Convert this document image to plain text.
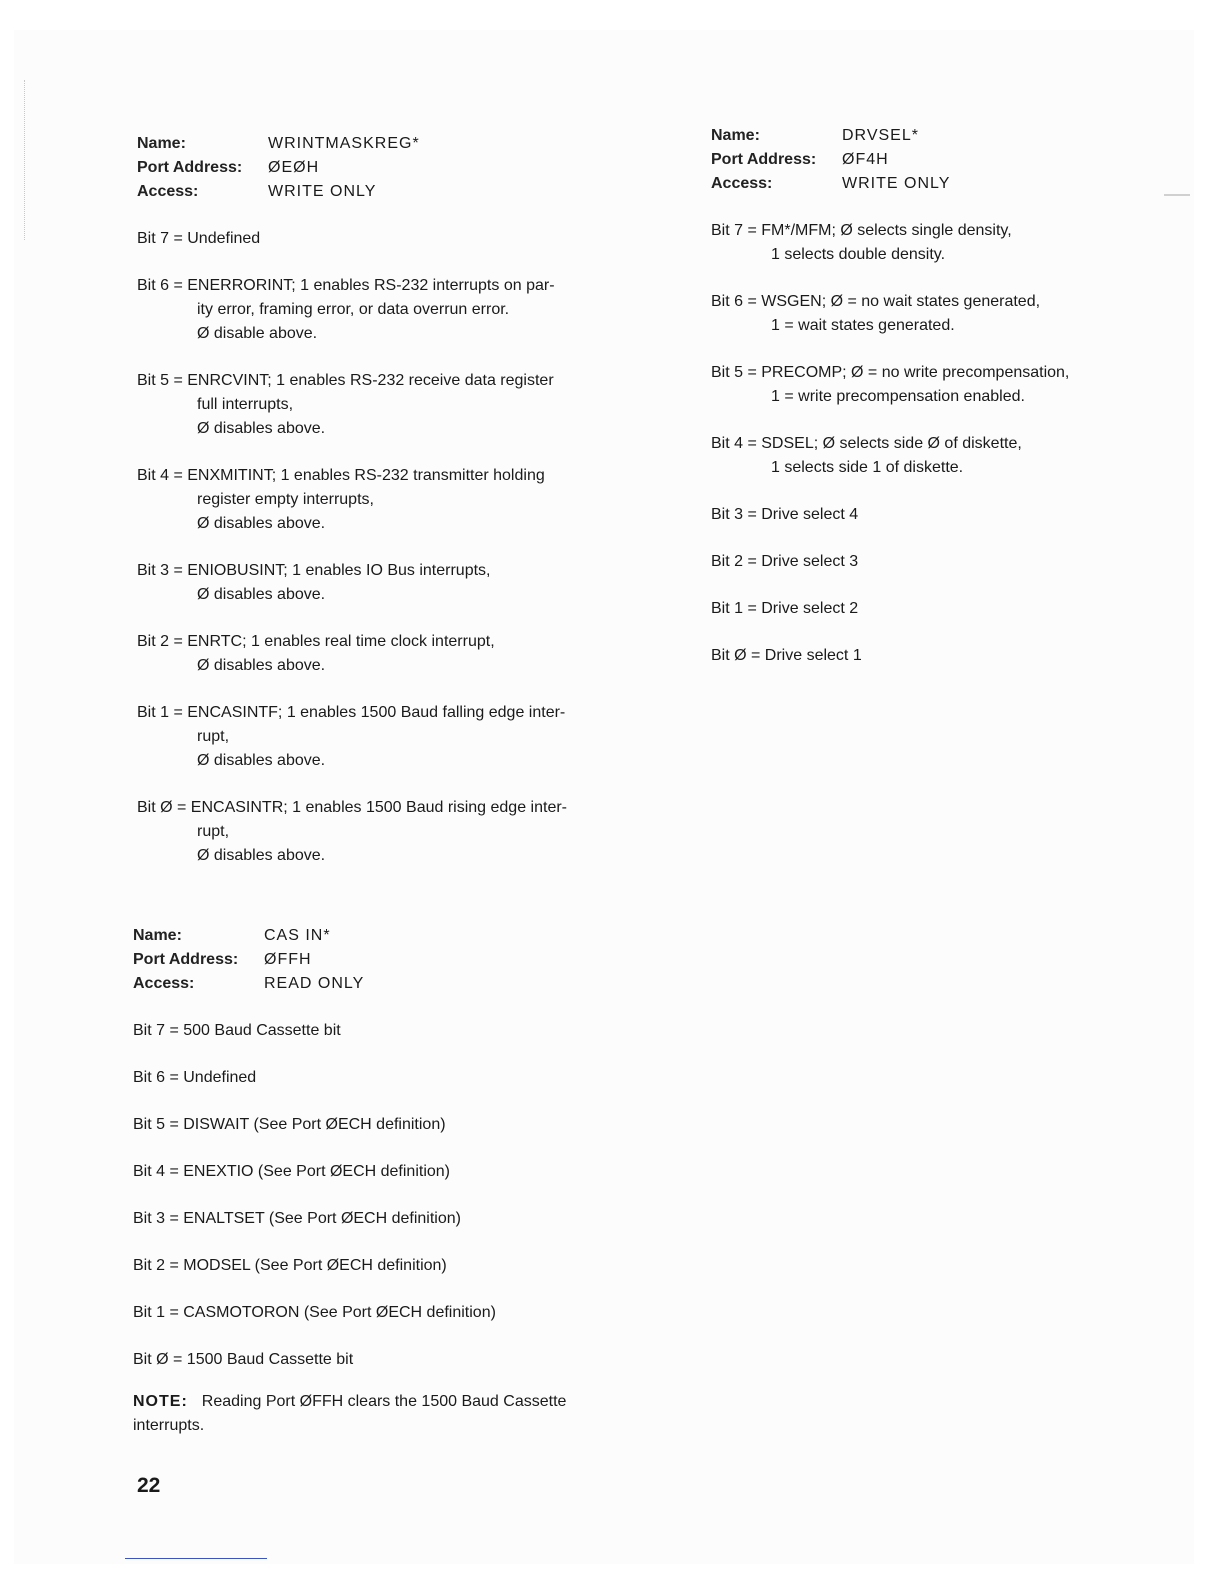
Name:	WRINTMASKREG*
Port Address:	ØEØH
Access:	WRITE ONLY
Bit 7 = Undefined
Bit 6 = ENERRORINT; 1 enables RS-232 interrupts on par-
ity error, framing error, or data overrun error.
Ø disable above.
Bit 5 = ENRCVINT; 1 enables RS-232 receive data register
full interrupts,
Ø disables above.
Bit 4 = ENXMITINT; 1 enables RS-232 transmitter holding
register empty interrupts,
Ø disables above.
Bit 3 = ENIOBUSINT; 1 enables IO Bus interrupts,
Ø disables above.
Bit 2 = ENRTC; 1 enables real time clock interrupt,
Ø disables above.
Bit 1 = ENCASINTF; 1 enables 1500 Baud falling edge inter-
rupt,
Ø disables above.
Bit Ø = ENCASINTR; 1 enables 1500 Baud rising edge inter-
rupt,
Ø disables above.
Name:	CAS IN*
Port Address:	ØFFH
Access:	READ ONLY
Bit 7 = 500 Baud Cassette bit
Bit 6 = Undefined
Bit 5 = DISWAIT (See Port ØECH definition)
Bit 4 = ENEXTIO (See Port ØECH definition)
Bit 3 = ENALTSET (See Port ØECH definition)
Bit 2 = MODSEL (See Port ØECH definition)
Bit 1 = CASMOTORON (See Port ØECH definition)
Bit Ø = 1500 Baud Cassette bit
NOTE: Reading Port ØFFH clears the 1500 Baud Cassette
interrupts.
Name:	DRVSEL*
Port Address:	ØF4H
Access:	WRITE ONLY
Bit 7 = FM*/MFM; Ø selects single density,
1 selects double density.
Bit 6 = WSGEN; Ø = no wait states generated,
1 = wait states generated.
Bit 5 = PRECOMP; Ø = no write precompensation,
1 = write precompensation enabled.
Bit 4 = SDSEL; Ø selects side Ø of diskette,
1 selects side 1 of diskette.
Bit 3 = Drive select 4
Bit 2 = Drive select 3
Bit 1 = Drive select 2
Bit Ø = Drive select 1
22
